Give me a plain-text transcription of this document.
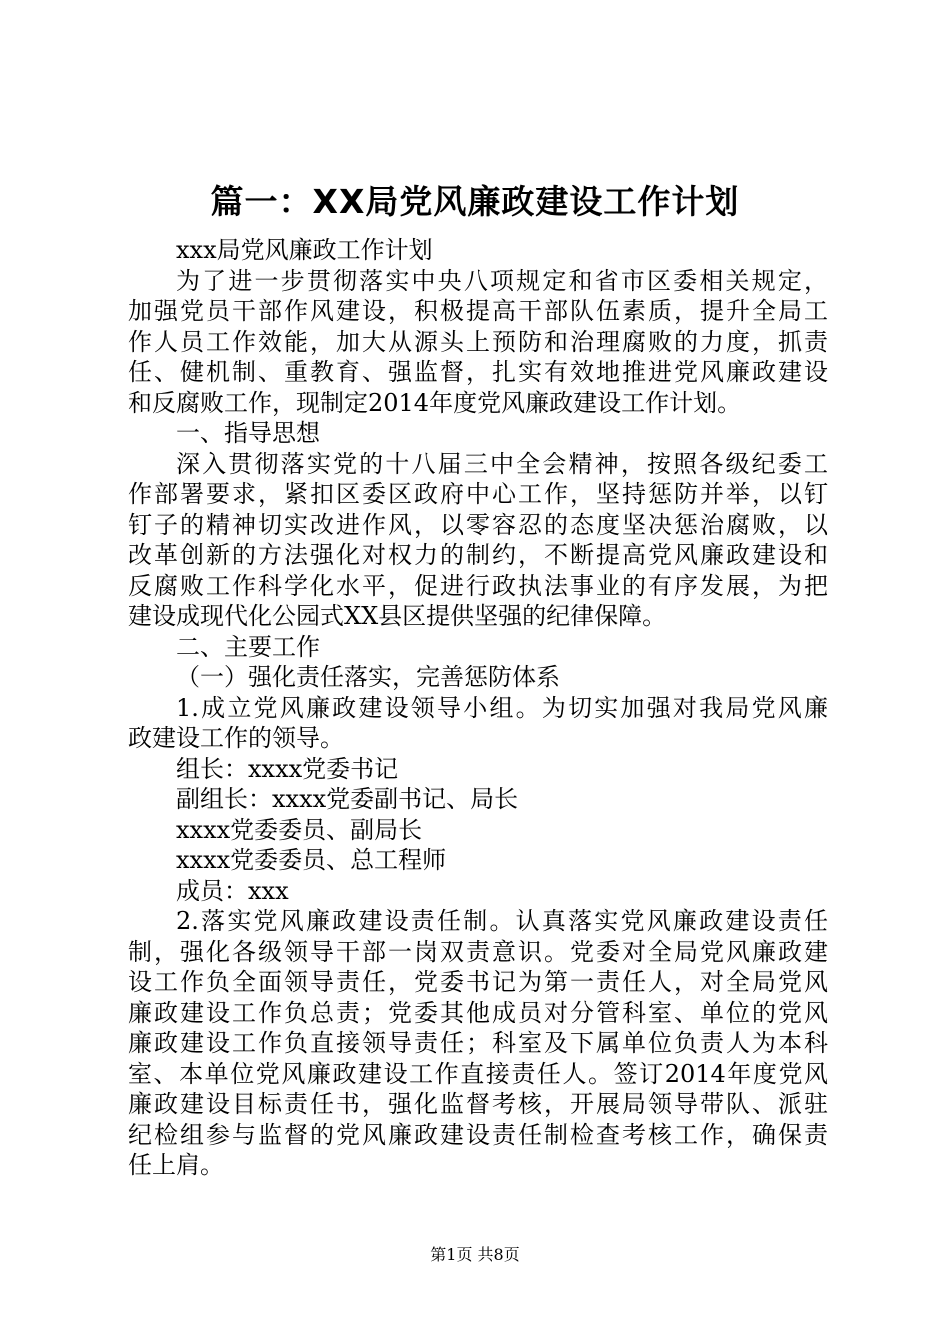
篇一：XX局党风廉政建设工作计划
xxx局党风廉政工作计划
为了进一步贯彻落实中央八项规定和省市区委相关规定，
加强党员干部作风建设，积极提高干部队伍素质，提升全局工
作人员工作效能，加大从源头上预防和治理腐败的力度，抓责
任、健机制、重教育、强监督，扎实有效地推进党风廉政建设
和反腐败工作，现制定2014年度党风廉政建设工作计划。
一、指导思想
深入贯彻落实党的十八届三中全会精神，按照各级纪委工
作部署要求，紧扣区委区政府中心工作，坚持惩防并举，以钉
钉子的精神切实改进作风，以零容忍的态度坚决惩治腐败，以
改革创新的方法强化对权力的制约，不断提高党风廉政建设和
反腐败工作科学化水平，促进行政执法事业的有序发展，为把
建设成现代化公园式XX县区提供坚强的纪律保障。
二、主要工作
（一）强化责任落实，完善惩防体系
1.成立党风廉政建设领导小组。为切实加强对我局党风廉
政建设工作的领导。
组长：xxxx党委书记
副组长：xxxx党委副书记、局长
xxxx党委委员、副局长
xxxx党委委员、总工程师
成员：xxx
2.落实党风廉政建设责任制。认真落实党风廉政建设责任
制，强化各级领导干部一岗双责意识。党委对全局党风廉政建
设工作负全面领导责任，党委书记为第一责任人，对全局党风
廉政建设工作负总责；党委其他成员对分管科室、单位的党风
廉政建设工作负直接领导责任；科室及下属单位负责人为本科
室、本单位党风廉政建设工作直接责任人。签订2014年度党风
廉政建设目标责任书，强化监督考核，开展局领导带队、派驻
纪检组参与监督的党风廉政建设责任制检查考核工作，确保责
任上肩。
第1页 共8页
